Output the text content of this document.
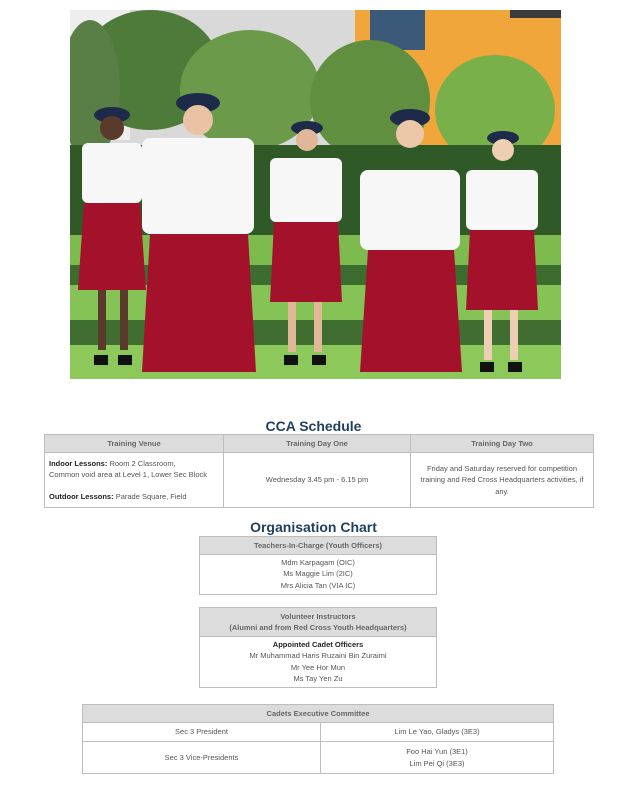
CCA Schedule
Training Venue	Training Day One	Training Day Two

Indoor Lessons: Room 2 Classroom,
Common void area at Level 1, Lower Sec Block
Outdoor Lessons: Parade Square, Field	Wednesday 3.45 pm - 6.15 pm	Friday and Saturday reserved for competition training and Red Cross Headquarters activities, if any.
Organisation Chart
Teachers-In-Charge (Youth Officers)

Mdm Karpagam (OIC)
Ms Maggie Lim (2IC)
Mrs Alicia Tan (VIA IC)
Volunteer Instructors
(Alumni and from Red Cross Youth Headquarters)

Appointed Cadet Officers
Mr Muhammad Haris Ruzaini Bin Zuraimi
Mr Yee Hor Mun
Ms Tay Yen Zu
Cadets Executive Committee	
Sec 3 President	Lim Le Yao, Gladys (3E3)
Sec 3 Vice-Presidents	Foo Hai Yun (3E1)
Lim Pei Qi (3E3)
